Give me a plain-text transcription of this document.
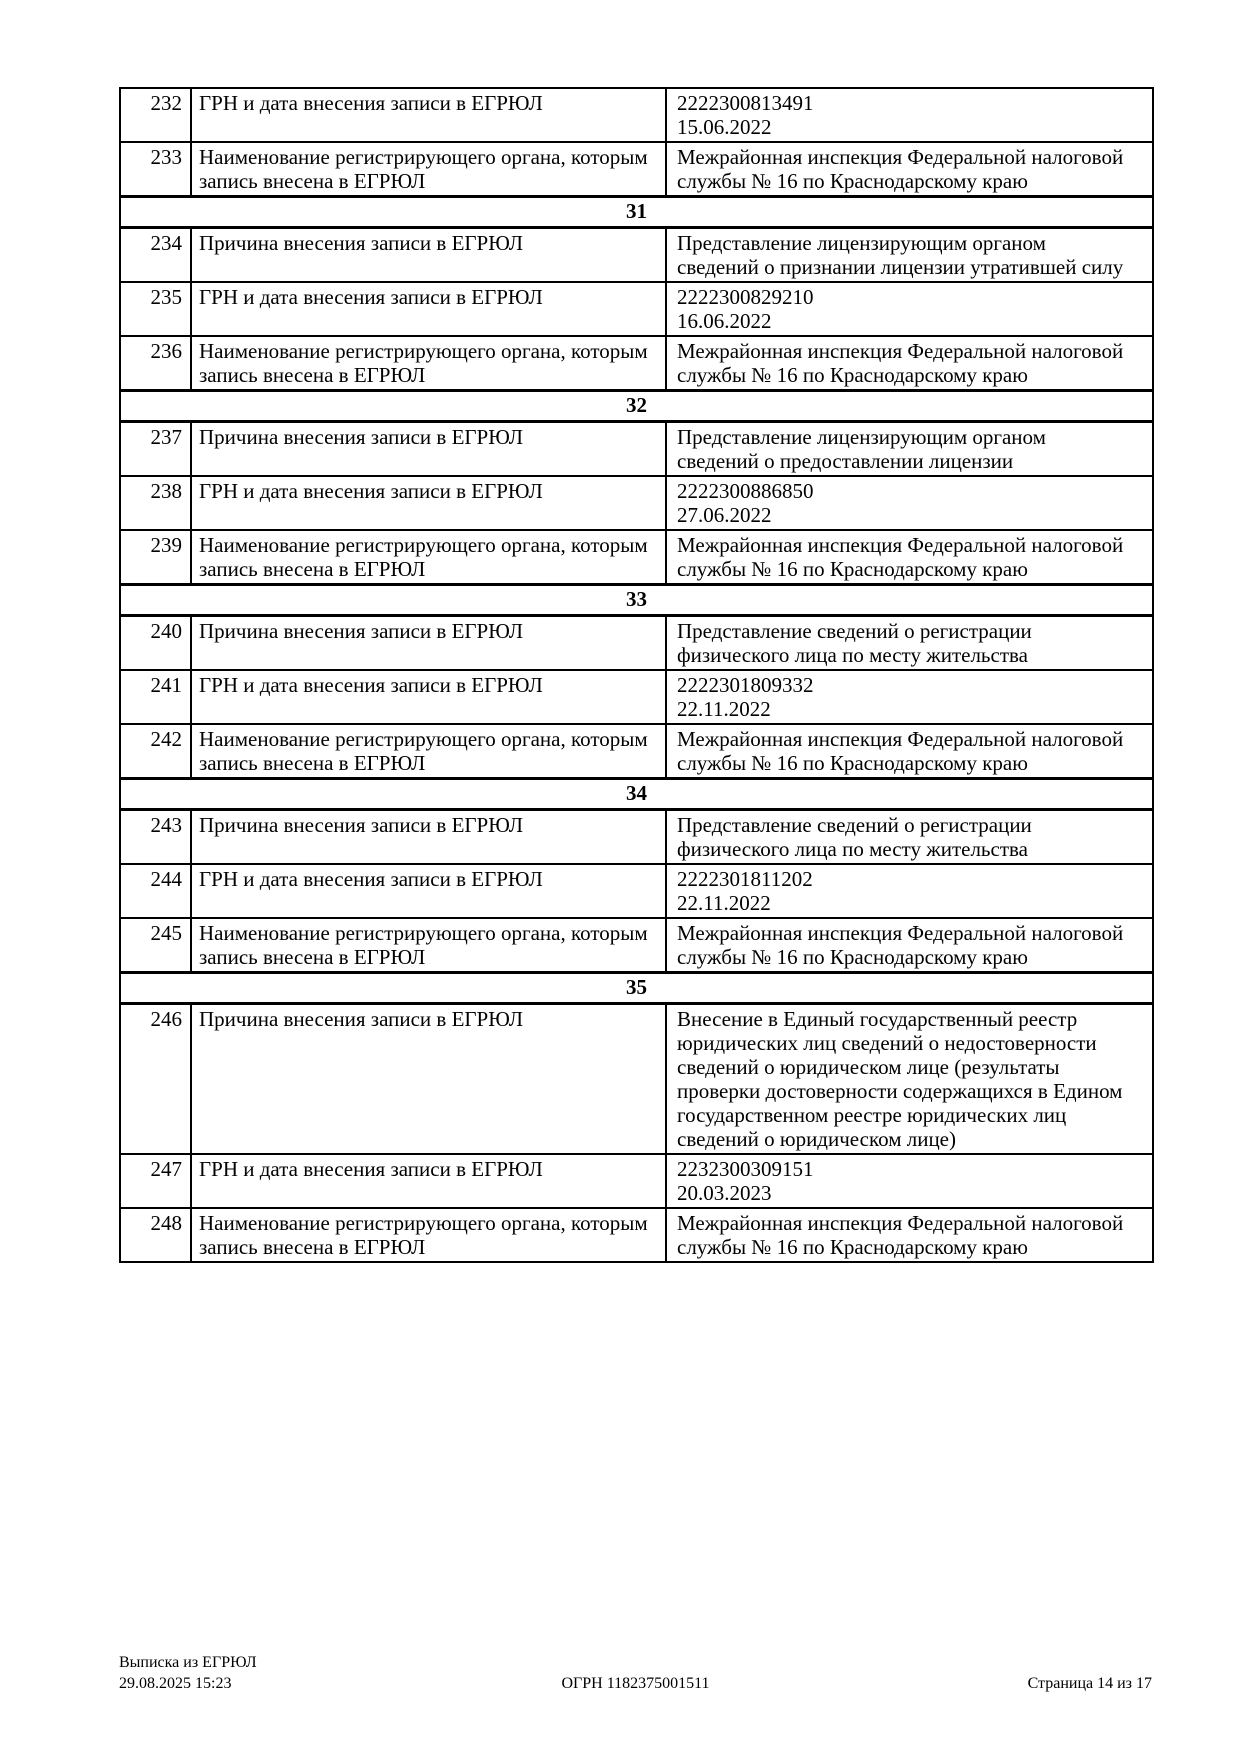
232	ГРН и дата внесения записи в ЕГРЮЛ	2222300813491
15.06.2022

233	Наименование регистрирующего органа, которым запись внесена в ЕГРЮЛ	Межрайонная инспекция Федеральной налоговой службы № 16 по Краснодарскому краю

31		
234	Причина внесения записи в ЕГРЮЛ	Представление лицензирующим органом сведений о признании лицензии утратившей силу

235	ГРН и дата внесения записи в ЕГРЮЛ	2222300829210
16.06.2022

236	Наименование регистрирующего органа, которым запись внесена в ЕГРЮЛ	Межрайонная инспекция Федеральной налоговой службы № 16 по Краснодарскому краю

32		
237	Причина внесения записи в ЕГРЮЛ	Представление лицензирующим органом сведений о предоставлении лицензии

238	ГРН и дата внесения записи в ЕГРЮЛ	2222300886850
27.06.2022

239	Наименование регистрирующего органа, которым запись внесена в ЕГРЮЛ	Межрайонная инспекция Федеральной налоговой службы № 16 по Краснодарскому краю

33		
240	Причина внесения записи в ЕГРЮЛ	Представление сведений о регистрации физического лица по месту жительства

241	ГРН и дата внесения записи в ЕГРЮЛ	2222301809332
22.11.2022

242	Наименование регистрирующего органа, которым запись внесена в ЕГРЮЛ	Межрайонная инспекция Федеральной налоговой службы № 16 по Краснодарскому краю

34		
243	Причина внесения записи в ЕГРЮЛ	Представление сведений о регистрации физического лица по месту жительства

244	ГРН и дата внесения записи в ЕГРЮЛ	2222301811202
22.11.2022

245	Наименование регистрирующего органа, которым запись внесена в ЕГРЮЛ	Межрайонная инспекция Федеральной налоговой службы № 16 по Краснодарскому краю

35		
246	Причина внесения записи в ЕГРЮЛ	Внесение в Единый государственный реестр юридических лиц сведений о недостоверности сведений о юридическом лице (результаты проверки достоверности содержащихся в Едином государственном реестре юридических лиц сведений о юридическом лице)

247	ГРН и дата внесения записи в ЕГРЮЛ	2232300309151
20.03.2023

248	Наименование регистрирующего органа, которым запись внесена в ЕГРЮЛ	Межрайонная инспекция Федеральной налоговой службы № 16 по Краснодарскому краю
Выписка из ЕГРЮЛ
29.08.2025 15:23	ОГРН 1182375001511	Страница 14 из 17
